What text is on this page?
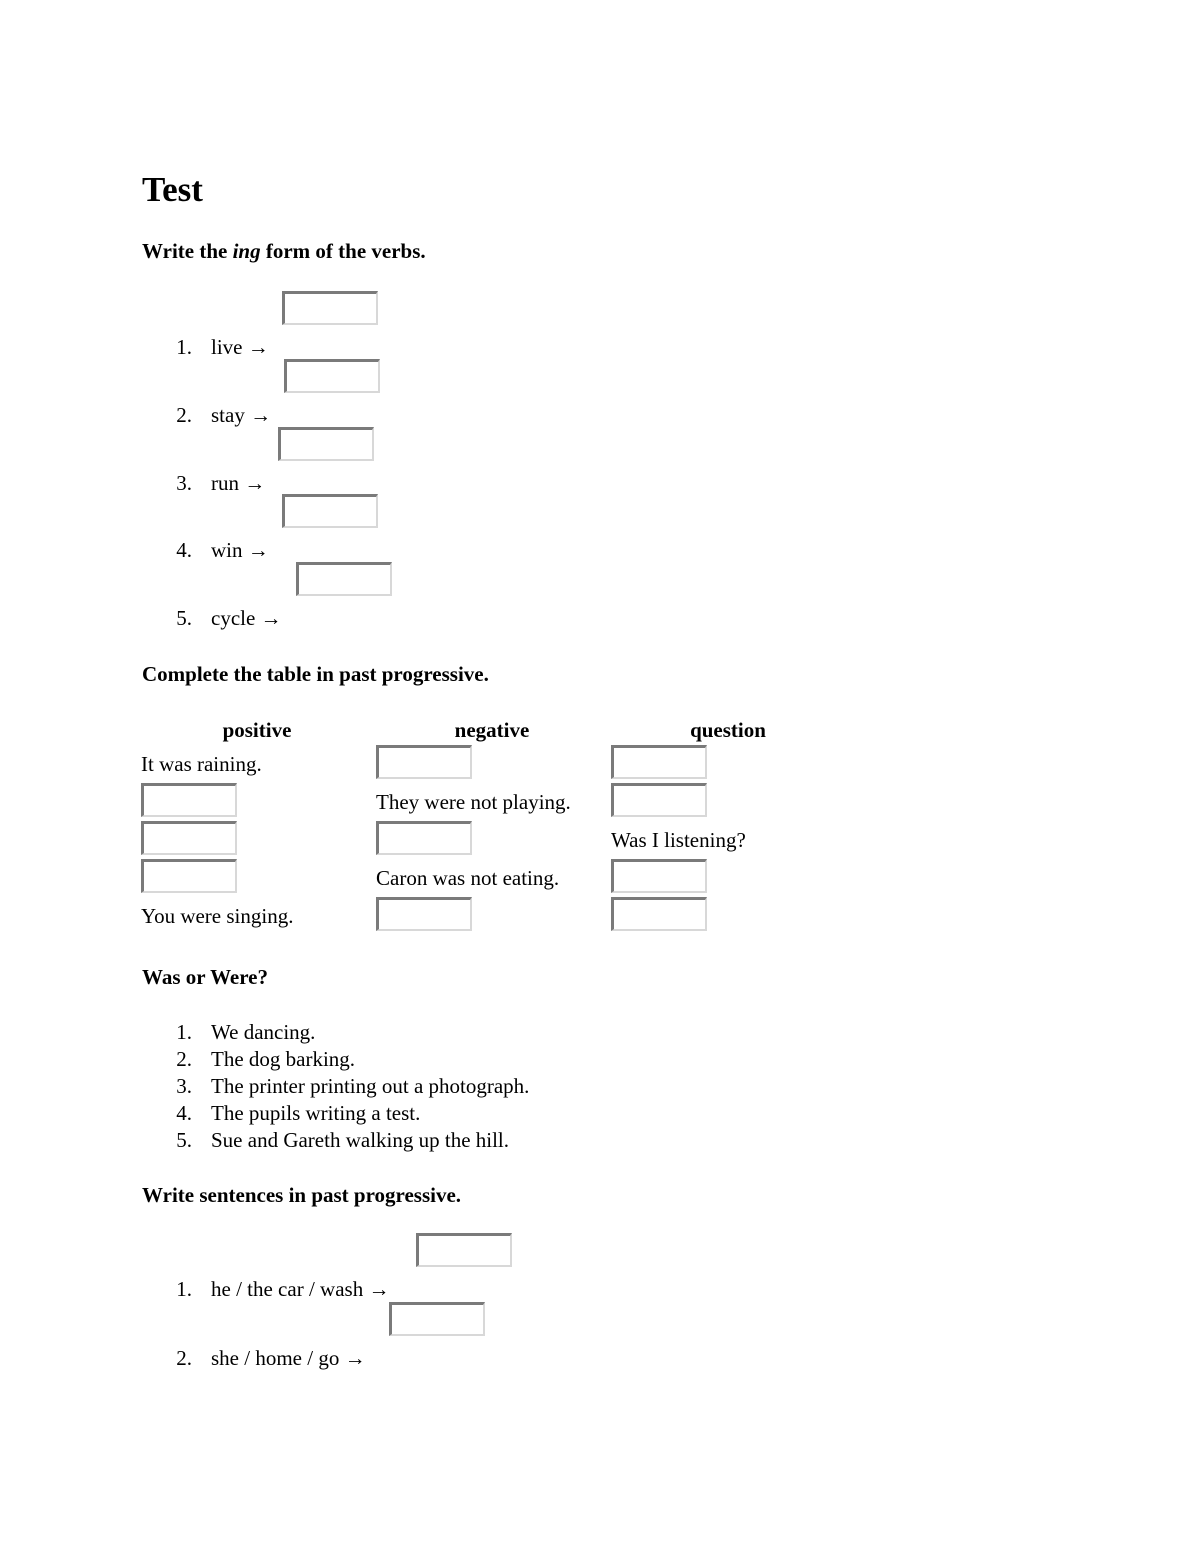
Test
Write the ing form of the verbs.
1. live →
2. stay →
3. run →
4. win →
5. cycle →
Complete the table in past progressive.
positive	negative	question
It was raining.
They were not playing.
Was I listening?
Caron was not eating.
You were singing.
Was or Were?
1. We dancing.
2. The dog barking.
3. The printer printing out a photograph.
4. The pupils writing a test.
5. Sue and Gareth walking up the hill.
Write sentences in past progressive.
1. he / the car / wash →
2. she / home / go →
